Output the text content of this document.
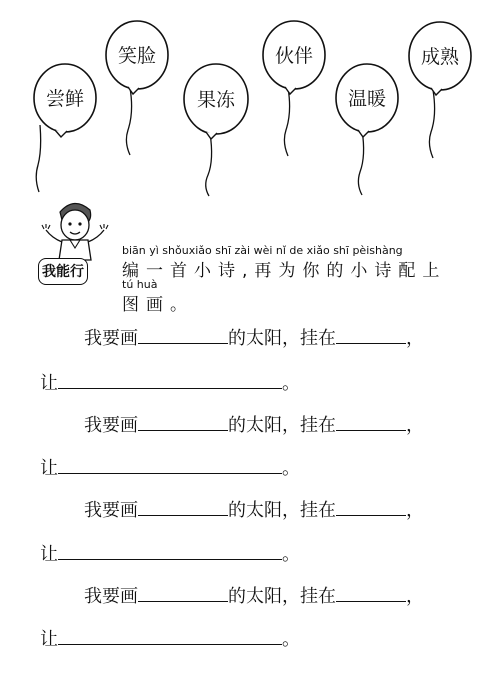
尝鲜
笑脸
果冻
伙伴
温暖
成熟
我能行
biān yì shǒuxiǎo shī zài wèi nǐ de xiǎo shī pèishàng
编一首小诗,再为你的小诗配上
tú huà
图画。
我要画	的太阳，挂在	，
让	。
我要画	的太阳，挂在	，
让	。
我要画	的太阳，挂在	，
让	。
我要画	的太阳，挂在	，
让	。
